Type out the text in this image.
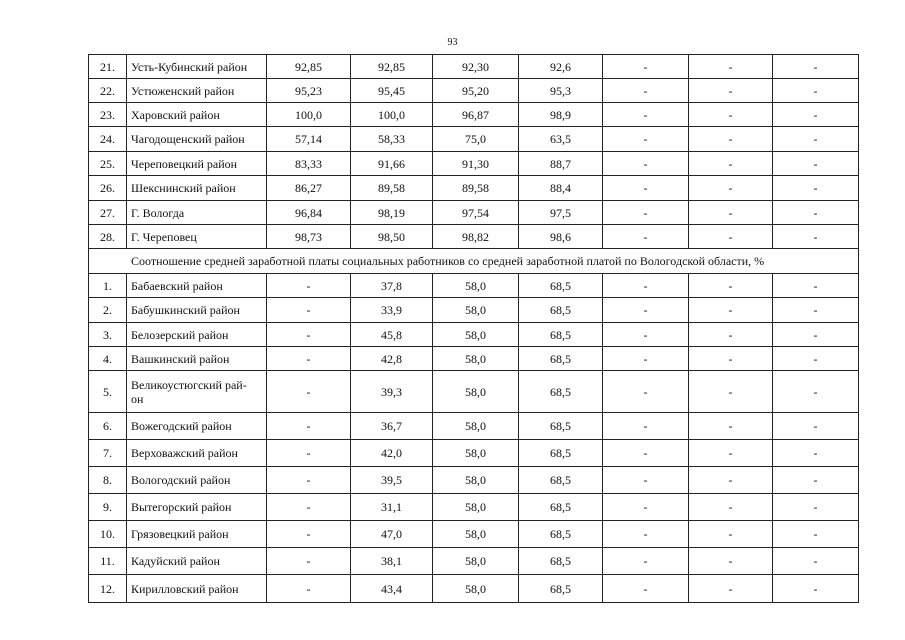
93
21.	Усть-Кубинский район	92,85	92,85	92,30	92,6	-	-	-
22.	Устюженский район	95,23	95,45	95,20	95,3	-	-	-
23.	Харовский район	100,0	100,0	96,87	98,9	-	-	-
24.	Чагодощенский район	57,14	58,33	75,0	63,5	-	-	-
25.	Череповецкий район	83,33	91,66	91,30	88,7	-	-	-
26.	Шекснинский район	86,27	89,58	89,58	88,4	-	-	-
27.	Г. Вологда	96,84	98,19	97,54	97,5	-	-	-
28.	Г. Череповец	98,73	98,50	98,82	98,6	-	-	-

Соотношение средней заработной платы социальных работников со средней заработной платой по Вологодской области, %								

1.	Бабаевский район	-	37,8	58,0	68,5	-	-	-
2.	Бабушкинский район	-	33,9	58,0	68,5	-	-	-
3.	Белозерский район	-	45,8	58,0	68,5	-	-	-
4.	Вашкинский район	-	42,8	58,0	68,5	-	-	-
5.	Великоустюгский рай-
он	-	39,3	58,0	68,5	-	-	-
6.	Вожегодский район	-	36,7	58,0	68,5	-	-	-
7.	Верховажский район	-	42,0	58,0	68,5	-	-	-
8.	Вологодский район	-	39,5	58,0	68,5	-	-	-
9.	Вытегорский район	-	31,1	58,0	68,5	-	-	-
10.	Грязовецкий район	-	47,0	58,0	68,5	-	-	-
11.	Кадуйский район	-	38,1	58,0	68,5	-	-	-
12.	Кирилловский район	-	43,4	58,0	68,5	-	-	-
